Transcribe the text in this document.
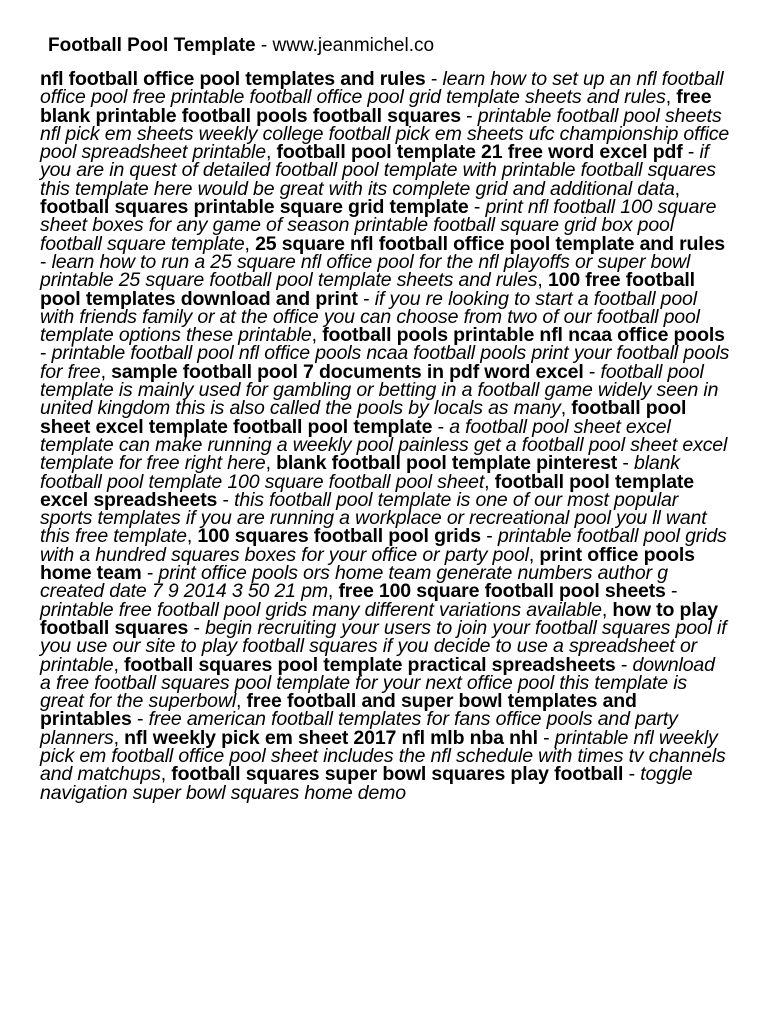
Football Pool Template - www.jeanmichel.co
nfl football office pool templates and rules - learn how to set up an nfl football office pool free printable football office pool grid template sheets and rules, free blank printable football pools football squares - printable football pool sheets nfl pick em sheets weekly college football pick em sheets ufc championship office pool spreadsheet printable, football pool template 21 free word excel pdf - if you are in quest of detailed football pool template with printable football squares this template here would be great with its complete grid and additional data, football squares printable square grid template - print nfl football 100 square sheet boxes for any game of season printable football square grid box pool football square template, 25 square nfl football office pool template and rules - learn how to run a 25 square nfl office pool for the nfl playoffs or super bowl printable 25 square football pool template sheets and rules, 100 free football pool templates download and print - if you re looking to start a football pool with friends family or at the office you can choose from two of our football pool template options these printable, football pools printable nfl ncaa office pools - printable football pool nfl office pools ncaa football pools print your football pools for free, sample football pool 7 documents in pdf word excel - football pool template is mainly used for gambling or betting in a football game widely seen in united kingdom this is also called the pools by locals as many, football pool sheet excel template football pool template - a football pool sheet excel template can make running a weekly pool painless get a football pool sheet excel template for free right here, blank football pool template pinterest - blank football pool template 100 square football pool sheet, football pool template excel spreadsheets - this football pool template is one of our most popular sports templates if you are running a workplace or recreational pool you ll want this free template, 100 squares football pool grids - printable football pool grids with a hundred squares boxes for your office or party pool, print office pools home team - print office pools ors home team generate numbers author g created date 7 9 2014 3 50 21 pm, free 100 square football pool sheets - printable free football pool grids many different variations available, how to play football squares - begin recruiting your users to join your football squares pool if you use our site to play football squares if you decide to use a spreadsheet or printable, football squares pool template practical spreadsheets - download a free football squares pool template for your next office pool this template is great for the superbowl, free football and super bowl templates and printables - free american football templates for fans office pools and party planners, nfl weekly pick em sheet 2017 nfl mlb nba nhl - printable nfl weekly pick em football office pool sheet includes the nfl schedule with times tv channels and matchups, football squares super bowl squares play football - toggle navigation super bowl squares home demo
